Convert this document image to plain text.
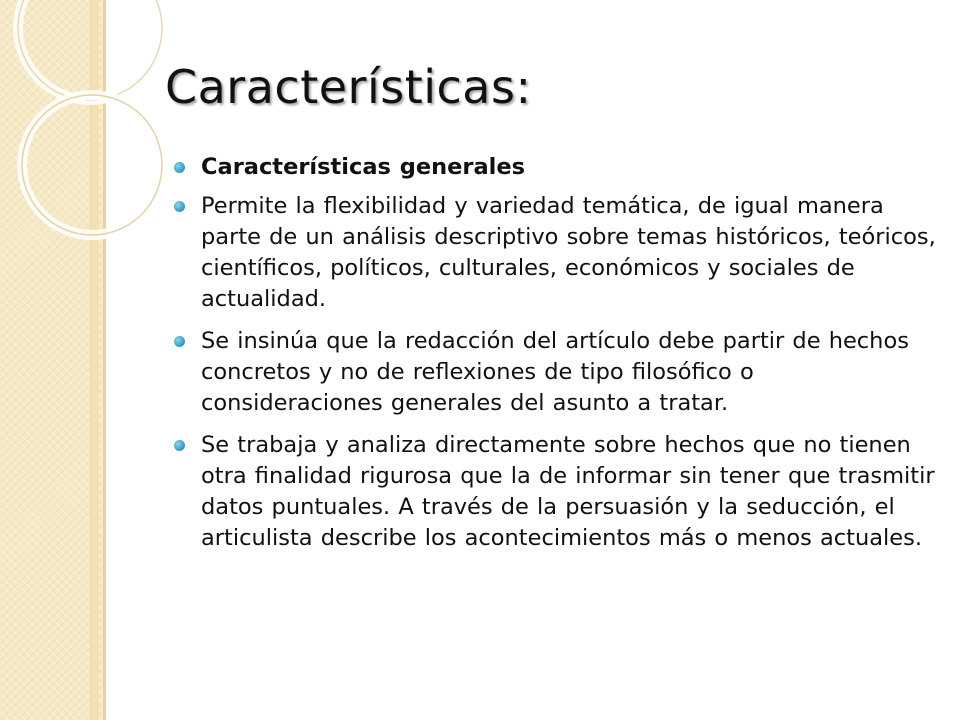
Características:
Características generales
Permite la flexibilidad y variedad temática, de igual manera parte de un análisis descriptivo sobre temas históricos, teóricos, científicos, políticos, culturales, económicos y sociales de actualidad.
Se insinúa que la redacción del artículo debe partir de hechos concretos y no de reflexiones de tipo filosófico o consideraciones generales del asunto a tratar.
Se trabaja y analiza directamente sobre hechos que no tienen otra finalidad rigurosa que la de informar sin tener que trasmitir datos puntuales. A través de la persuasión y la seducción, el articulista describe los acontecimientos más o menos actuales.
